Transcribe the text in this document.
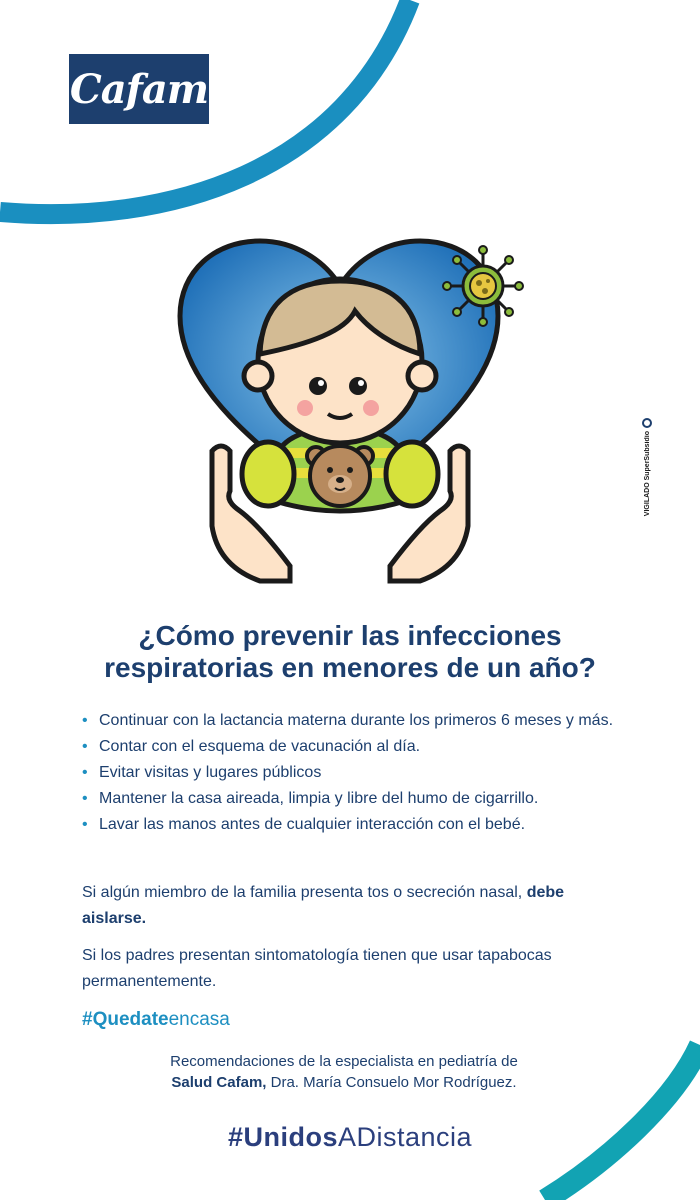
Cafam
VIGILADO SuperSubsidio
¿Cómo prevenir las infecciones
respiratorias en menores de un año?
• Continuar con la lactancia materna durante los primeros 6 meses y más.
• Contar con el esquema de vacunación al día.
• Evitar visitas y lugares públicos
• Mantener la casa aireada, limpia y libre del humo de cigarrillo.
• Lavar las manos antes de cualquier interacción con el bebé.

Si algún miembro de la familia presenta tos o secreción nasal, debe aislarse.

Si los padres presentan sintomatología tienen que usar tapabocas permanentemente.

#Quedateencasa

Recomendaciones de la especialista en pediatría de
Salud Cafam, Dra. María Consuelo Mor Rodríguez.

#UnidosADistancia
